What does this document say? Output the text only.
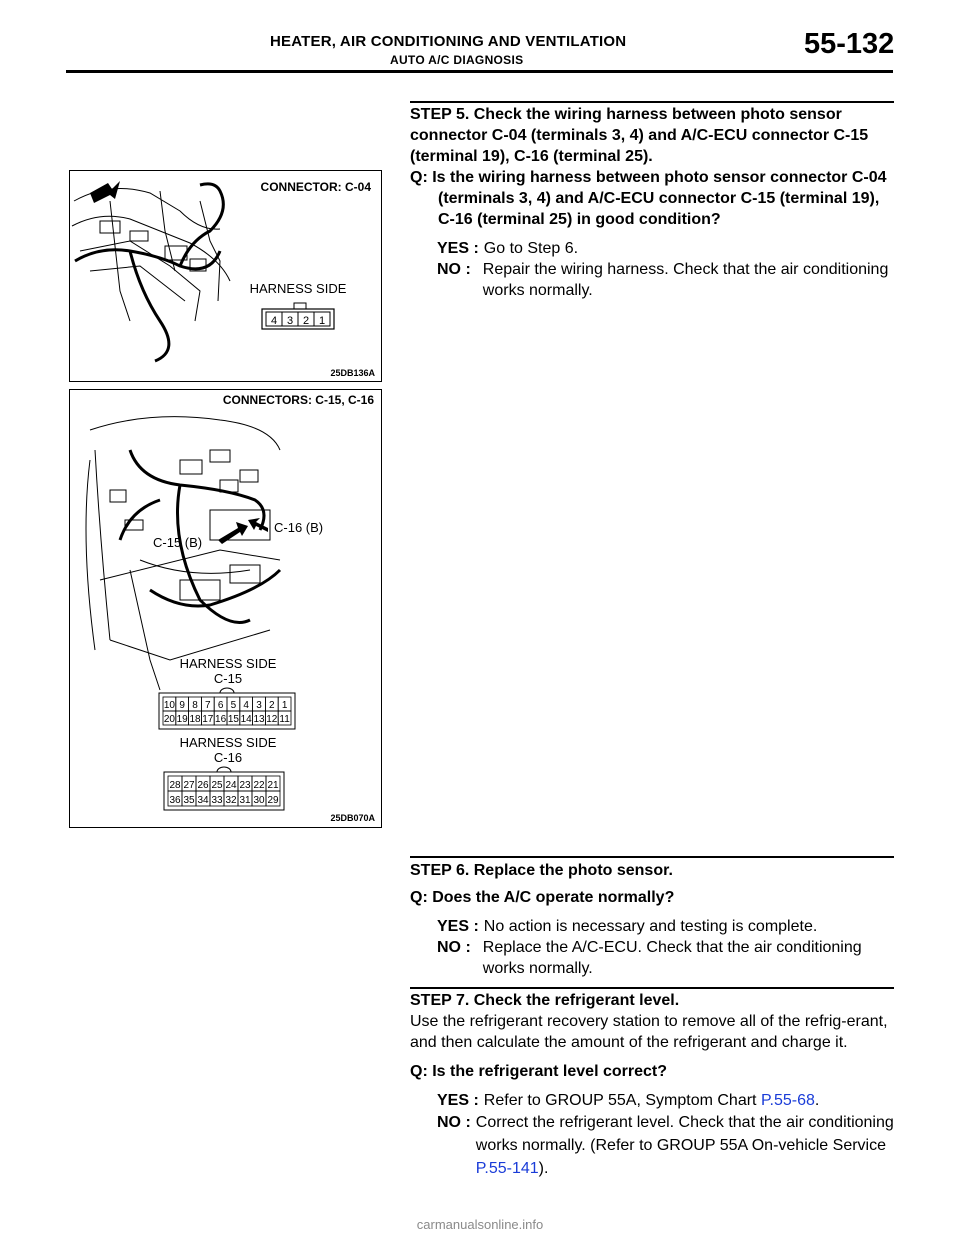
HEATER, AIR CONDITIONING AND VENTILATION
AUTO A/C DIAGNOSIS	55-132
CONNECTOR: C-04
HARNESS SIDE
4 3 2 1
25DB136A
CONNECTORS: C-15, C-16
C-15 (B)
C-16 (B)
HARNESS SIDE
C-15
10 9 8 7 6 5 4 3 2 1
20 19 18 17 16 15 14 13 12 11
HARNESS SIDE
C-16
28 27 26 25 24 23 22 21
36 35 34 33 32 31 30 29
25DB070A
STEP 5. Check the wiring harness between photo sensor connector C-04 (terminals 3, 4) and A/C-ECU connector C-15 (terminal 19), C-16 (terminal 25).
Q: Is the wiring harness between photo sensor connector C-04 (terminals 3, 4) and A/C-ECU connector C-15 (terminal 19), C-16 (terminal 25) in good condition?
YES : Go to Step 6.
NO : Repair the wiring harness. Check that the air conditioning works normally.
STEP 6. Replace the photo sensor.
Q: Does the A/C operate normally?
YES : No action is necessary and testing is complete.
NO : Replace the A/C-ECU. Check that the air conditioning works normally.
STEP 7. Check the refrigerant level.
Use the refrigerant recovery station to remove all of the refrig-erant, and then calculate the amount of the refrigerant and charge it.
Q: Is the refrigerant level correct?
YES : Refer to GROUP 55A, Symptom Chart P.55-68.
NO : Correct the refrigerant level. Check that the air conditioning works normally. (Refer to GROUP 55A On-vehicle Service P.55-141).
carmanualsonline.info
